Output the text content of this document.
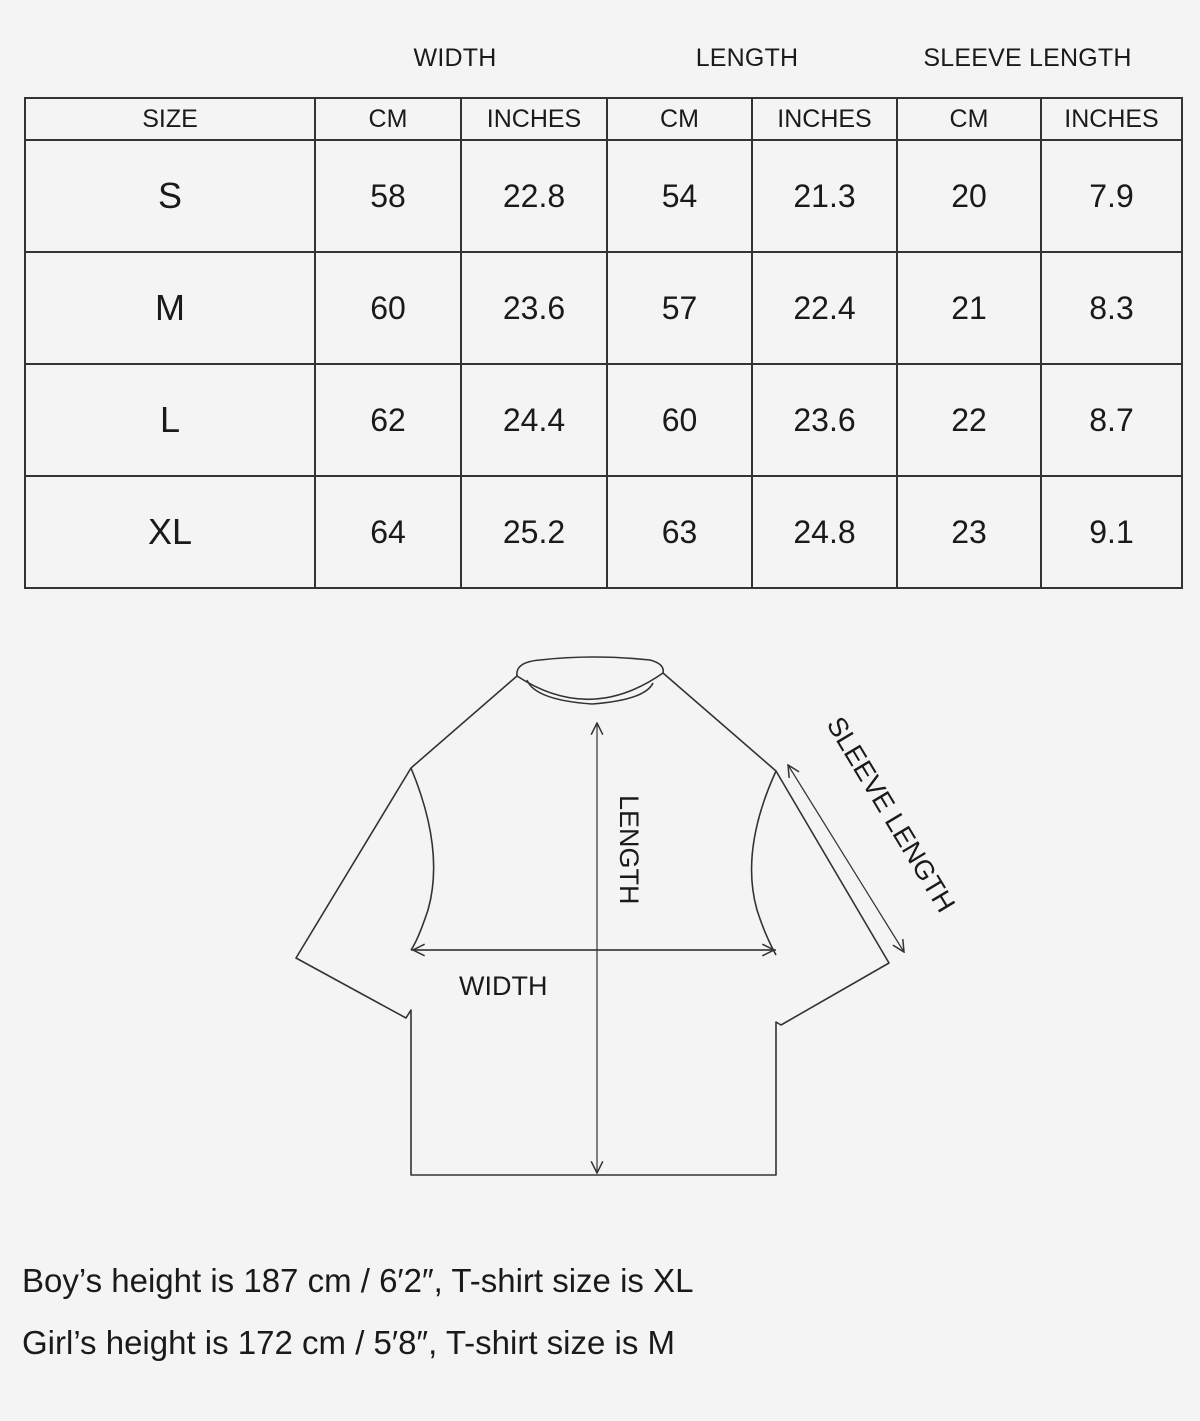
WIDTH	LENGTH	SLEEVE LENGTH
SIZE	CM	INCHES	CM	INCHES	CM	INCHES
S	58	22.8	54	21.3	20	7.9
M	60	23.6	57	22.4	21	8.3
L	62	24.4	60	23.6	22	8.7
XL	64	25.2	63	24.8	23	9.1
LENGTH
WIDTH
SLEEVE LENGTH
Boy’s height is 187 cm / 6′2″, T-shirt size is XL
Girl’s height is 172 cm / 5′8″, T-shirt size is M
